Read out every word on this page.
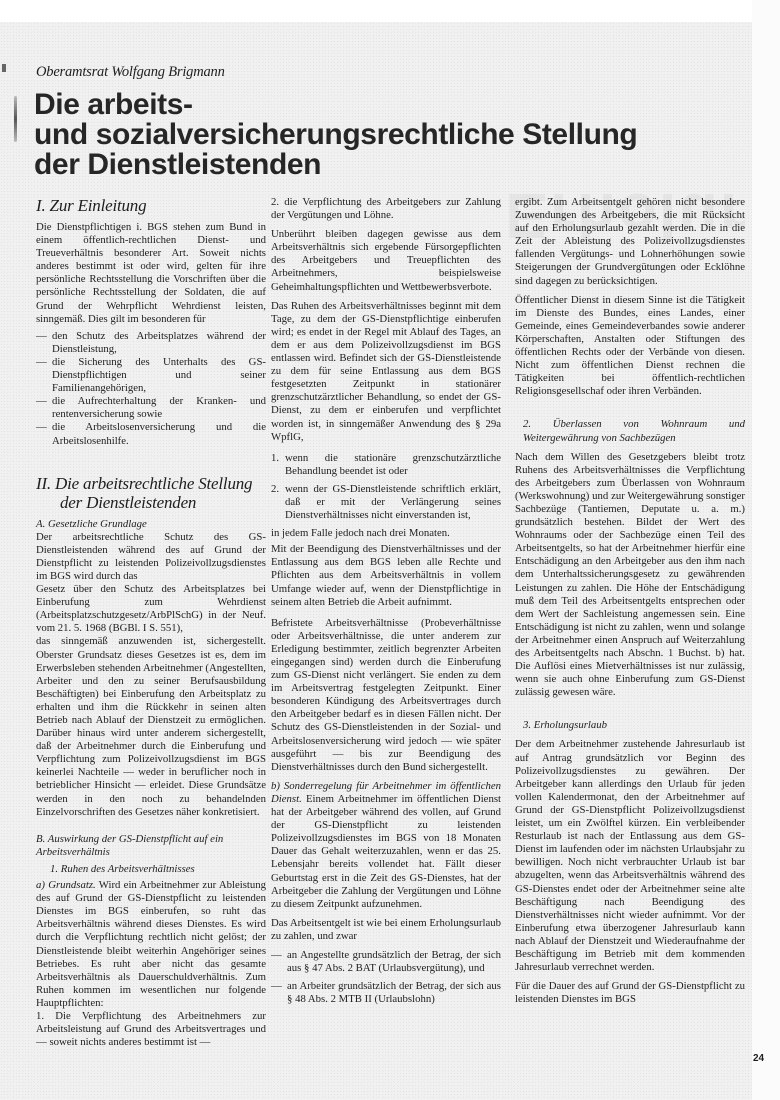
Oberamtsrat Wolfgang Brigmann
Die arbeits-
und sozialversicherungsrechtliche Stellung
der Dienstleistenden
I. Zur Einleitung

Die Dienstpflichtigen i. BGS stehen zum Bund in einem öffentlich-rechtlichen Dienst- und Treueverhältnis besonderer Art. Soweit nichts anderes bestimmt ist oder wird, gelten für ihre persönliche Rechtsstellung die Vorschriften über die persönliche Rechtsstellung der Soldaten, die auf Grund der Wehrpflicht Wehrdienst leisten, sinngemäß. Dies gilt im besonderen für

— den Schutz des Arbeitsplatzes während der Dienstleistung,
— die Sicherung des Unterhalts des GS-Dienstpflichtigen und seiner Familienangehörigen,
— die Aufrechterhaltung der Kranken- und rentenversicherung sowie
— die Arbeitslosenversicherung und die Arbeitslosenhilfe.
II. Die arbeitsrechtliche Stellung der Dienstleistenden
A. Gesetzliche Grundlage

Der arbeitsrechtliche Schutz des GS-Dienstleistenden während des auf Grund der Dienstpflicht zu leistenden Polizeivollzugsdienstes im BGS wird durch das

Gesetz über den Schutz des Arbeitsplatzes bei Einberufung zum Wehrdienst (Arbeitsplatzschutzgesetz/ArbPlSchG) in der Neuf. vom 21. 5. 1968 (BGBl. I S. 551),

das sinngemäß anzuwenden ist, sichergestellt. Oberster Grundsatz dieses Gesetzes ist es, dem im Erwerbsleben stehenden Arbeitnehmer (Angestellten, Arbeiter und den zu seiner Berufsausbildung Beschäftigten) bei Einberufung den Arbeitsplatz zu erhalten und ihm die Rückkehr in seinen alten Betrieb nach Ablauf der Dienstzeit zu ermöglichen. Darüber hinaus wird unter anderem sichergestellt, daß der Arbeitnehmer durch die Einberufung und Verpflichtung zum Polizeivollzugsdienst im BGS keinerlei Nachteile — weder in beruflicher noch in betrieblicher Hinsicht — erleidet. Diese Grundsätze werden in den noch zu behandelnden Einzelvorschriften des Gesetzes näher konkretisiert.

B. Auswirkung der GS-Dienstpflicht auf ein Arbeitsverhältnis
1. Ruhen des Arbeitsverhältnisses

a) Grundsatz. Wird ein Arbeitnehmer zur Ableistung des auf Grund der GS-Dienstpflicht zu leistenden Dienstes im BGS einberufen, so ruht das Arbeitsverhältnis während dieses Dienstes. Es wird durch die Verpflichtung rechtlich nicht gelöst; der Dienstleistende bleibt weiterhin Angehöriger seines Betriebes. Es ruht aber nicht das gesamte Arbeitsverhältnis als Dauerschuldverhältnis. Zum Ruhen kommen im wesentlichen nur folgende Hauptpflichten:

1. Die Verpflichtung des Arbeitnehmers zur Arbeitsleistung auf Grund des Arbeitsvertrages und — soweit nichts anderes bestimmt ist —

2. die Verpflichtung des Arbeitgebers zur Zahlung der Vergütungen und Löhne.

Unberührt bleiben dagegen gewisse aus dem Arbeitsverhältnis sich ergebende Fürsorgepflichten des Arbeitgebers und Treuepflichten des Arbeitnehmers, beispielsweise Geheimhaltungspflichten und Wettbewerbsverbote.

Das Ruhen des Arbeitsverhältnisses beginnt mit dem Tage, zu dem der GS-Dienstpflichtige einberufen wird; es endet in der Regel mit Ablauf des Tages, an dem er aus dem Polizeivollzugsdienst im BGS entlassen wird. Befindet sich der GS-Dienstleistende zu dem für seine Entlassung aus dem BGS festgesetzten Zeitpunkt in stationärer grenzschutzärztlicher Behandlung, so endet der GS-Dienst, zu dem er einberufen und verpflichtet worden ist, in sinngemäßer Anwendung des § 29a WpflG,

1. wenn die stationäre grenzschutzärztliche Behandlung beendet ist oder
2. wenn der GS-Dienstleistende schriftlich erklärt, daß er mit der Verlängerung seines Dienstverhältnisses nicht einverstanden ist,

in jedem Falle jedoch nach drei Monaten.

Mit der Beendigung des Dienstverhältnisses und der Entlassung aus dem BGS leben alle Rechte und Pflichten aus dem Arbeitsverhältnis in vollem Umfange wieder auf, wenn der Dienstpflichtige in seinem alten Betrieb die Arbeit aufnimmt.

Befristete Arbeitsverhältnisse (Probeverhältnisse oder Arbeitsverhältnisse, die unter anderem zur Erledigung bestimmter, zeitlich begrenzter Arbeiten eingegangen sind) werden durch die Einberufung zum GS-Dienst nicht verlängert. Sie enden zu dem im Arbeitsvertrag festgelegten Zeitpunkt. Einer besonderen Kündigung des Arbeitsvertrages durch den Arbeitgeber bedarf es in diesen Fällen nicht. Der Schutz des GS-Dienstleistenden in der Sozial- und Arbeitslosenversicherung wird jedoch — wie später ausgeführt — bis zur Beendigung des Dienstverhältnisses durch den Bund sichergestellt.

b) Sonderregelung für Arbeitnehmer im öffentlichen Dienst. Einem Arbeitnehmer im öffentlichen Dienst hat der Arbeitgeber während des vollen, auf Grund der GS-Dienstpflicht zu leistenden Polizeivollzugsdienstes im BGS von 18 Monaten Dauer das Gehalt weiterzuzahlen, wenn er das 25. Lebensjahr bereits vollendet hat. Fällt dieser Geburtstag erst in die Zeit des GS-Dienstes, hat der Arbeitgeber die Zahlung der Vergütungen und Löhne zu diesem Zeitpunkt aufzunehmen.

Das Arbeitsentgelt ist wie bei einem Erholungsurlaub zu zahlen, und zwar

— an Angestellte grundsätzlich der Betrag, der sich aus § 47 Abs. 2 BAT (Urlaubsvergütung), und
— an Arbeiter grundsätzlich der Betrag, der sich aus § 48 Abs. 2 MTB II (Urlaubslohn)

ergibt. Zum Arbeitsentgelt gehören nicht besondere Zuwendungen des Arbeitgebers, die mit Rücksicht auf den Erholungsurlaub gezahlt werden. Die in die Zeit der Ableistung des Polizeivollzugsdienstes fallenden Vergütungs- und Lohnerhöhungen sowie Steigerungen der Grundvergütungen oder Ecklöhne sind dagegen zu berücksichtigen.

Öffentlicher Dienst in diesem Sinne ist die Tätigkeit im Dienste des Bundes, eines Landes, einer Gemeinde, eines Gemeindeverbandes sowie anderer Körperschaften, Anstalten oder Stiftungen des öffentlichen Rechts oder der Verbände von diesen. Nicht zum öffentlichen Dienst rechnen die Tätigkeiten bei öffentlich-rechtlichen Religionsgesellschaf oder ihren Verbänden.

2. Überlassen von Wohnraum und Weitergewährung von Sachbezügen

Nach dem Willen des Gesetzgebers bleibt trotz Ruhens des Arbeitsverhältnisses die Verpflichtung des Arbeitgebers zum Überlassen von Wohnraum (Werkswohnung) und zur Weitergewährung sonstiger Sachbezüge (Tantiemen, Deputate u. a. m.) grundsätzlich bestehen. Bildet der Wert des Wohnraums oder der Sachbezüge einen Teil des Arbeitsentgelts, so hat der Arbeitnehmer hierfür eine Entschädigung an den Arbeitgeber aus den ihm nach dem Unterhaltssicherungsgesetz zu gewährenden Leistungen zu zahlen. Die Höhe der Entschädigung muß dem Teil des Arbeitsentgelts entsprechen oder dem Wert der Sachleistung angemessen sein. Eine Entschädigung ist nicht zu zahlen, wenn und solange der Arbeitnehmer einen Anspruch auf Weiterzahlung des Arbeitsentgelts nach Abschn. 1 Buchst. b) hat. Die Auflösi eines Mietverhältnisses ist nur zulässig, wenn sie auch ohne Einberufung zum GS-Dienst zulässig gewesen wäre.

3. Erholungsurlaub

Der dem Arbeitnehmer zustehende Jahresurlaub ist auf Antrag grundsätzlich vor Beginn des Polizeivollzugsdienstes zu gewähren. Der Arbeitgeber kann allerdings den Urlaub für jeden vollen Kalendermonat, den der Arbeitnehmer auf Grund der GS-Dienstpflicht Polizeivollzugsdienst leistet, um ein Zwölftel kürzen. Ein verbleibender Resturlaub ist nach der Entlassung aus dem GS-Dienst im laufenden oder im nächsten Urlaubsjahr zu bewilligen. Noch nicht verbrauchter Urlaub ist bar abzugelten, wenn das Arbeitsverhältnis während des GS-Dienstes endet oder der Arbeitnehmer seine alte Beschäftigung nach Beendigung des Dienstverhältnisses nicht wieder aufnimmt. Vor der Einberufung etwa überzogener Jahresurlaub kann nach Ablauf der Dienstzeit und Wiederaufnahme der Beschäftigung im Betrieb mit dem kommenden Jahresurlaub verrechnet werden.

Für die Dauer des auf Grund der GS-Dienstpflicht zu leistenden Dienstes im BGS

24
